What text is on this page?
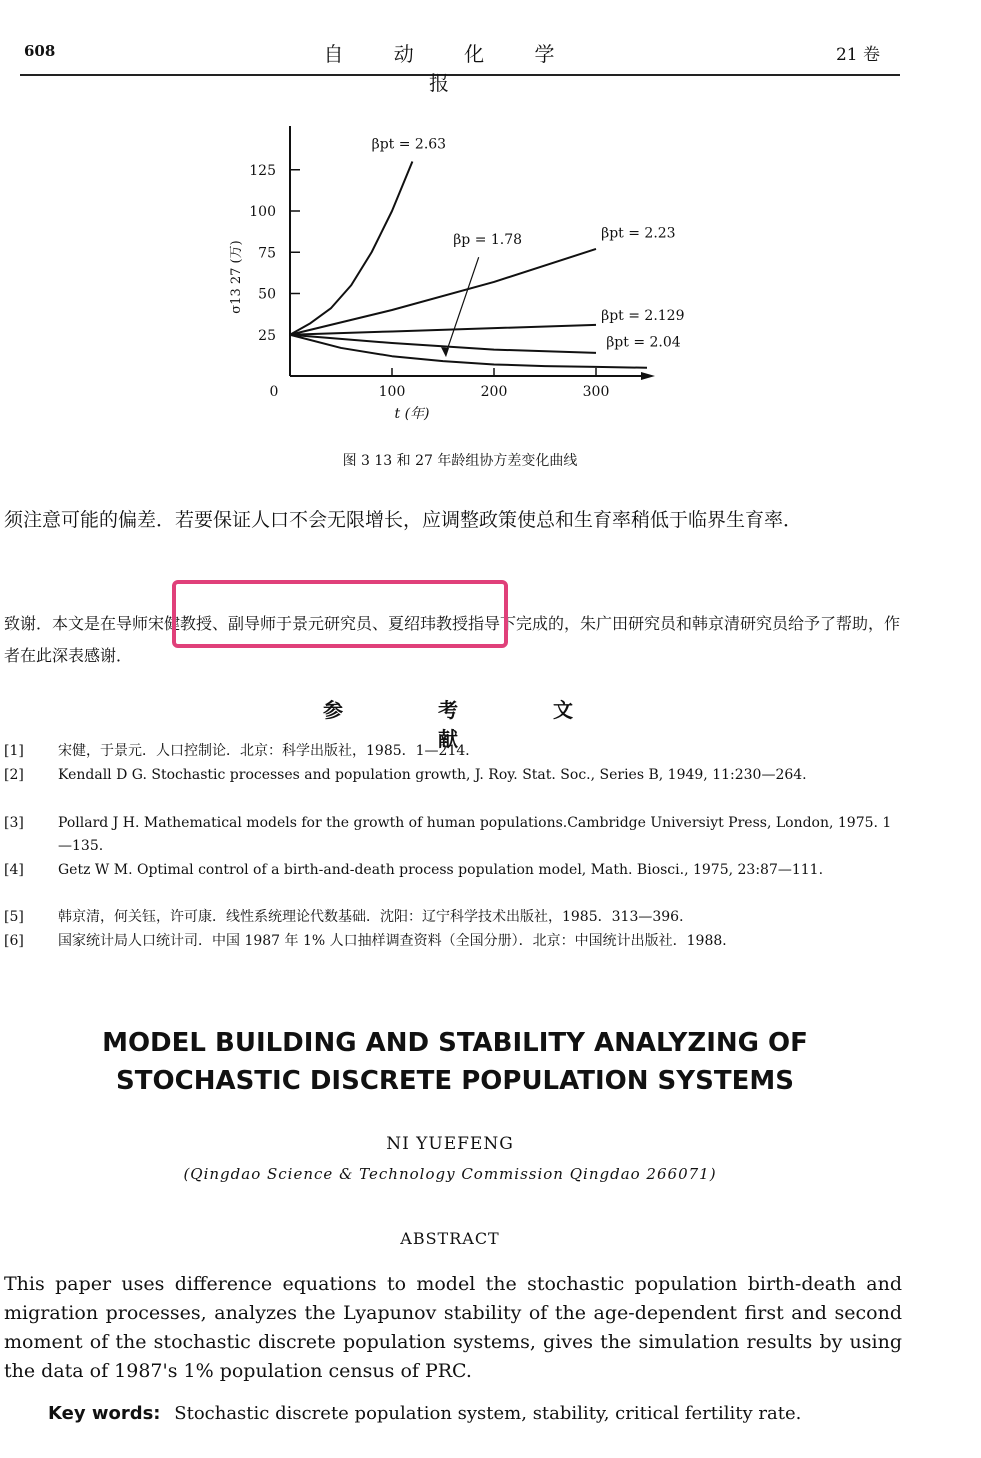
608	自 动 化 学 报
21 卷
25
50
75
100
125
0	100	200	300
σ13 27 (万)
t (年)
βpt = 2.63
βpt = 2.23
βpt = 2.129
βpt = 2.04
βp = 1.78
图 3 13 和 27 年龄组协方差变化曲线
须注意可能的偏差．若要保证人口不会无限增长，应调整政策使总和生育率稍低于临界生育率．
致谢．本文是在导师宋健教授、副导师于景元研究员、夏绍玮教授指导下完成的，朱广田研究员和韩京清研究员给予了帮助，作者在此深表感谢．
参 考 文 献
[1]	宋健，于景元．人口控制论．北京：科学出版社，1985．1—214．
[2]	Kendall D G. Stochastic processes and population growth, J. Roy. Stat. Soc., Series B, 1949, 11:230—264.
[3]	Pollard J H. Mathematical models for the growth of human populations.Cambridge Universiyt Press, London, 1975. 1—135.
[4]	Getz W M. Optimal control of a birth-and-death process population model, Math. Biosci., 1975, 23:87—111.
[5]	韩京清，何关钰，许可康．线性系统理论代数基础．沈阳：辽宁科学技术出版社，1985．313—396．
[6]	国家统计局人口统计司．中国 1987 年 1% 人口抽样调查资料（全国分册）．北京：中国统计出版社．1988．
MODEL BUILDING AND STABILITY ANALYZING OF
STOCHASTIC DISCRETE POPULATION SYSTEMS
NI YUEFENG
(Qingdao Science & Technology Commission Qingdao 266071)
ABSTRACT
This paper uses difference equations to model the stochastic population birth-death and migration processes, analyzes the Lyapunov stability of the age-dependent first and second moment of the stochastic discrete population systems, gives the simulation results by using the data of 1987's 1% population census of PRC.
Key words: Stochastic discrete population system, stability, critical fertility rate.
